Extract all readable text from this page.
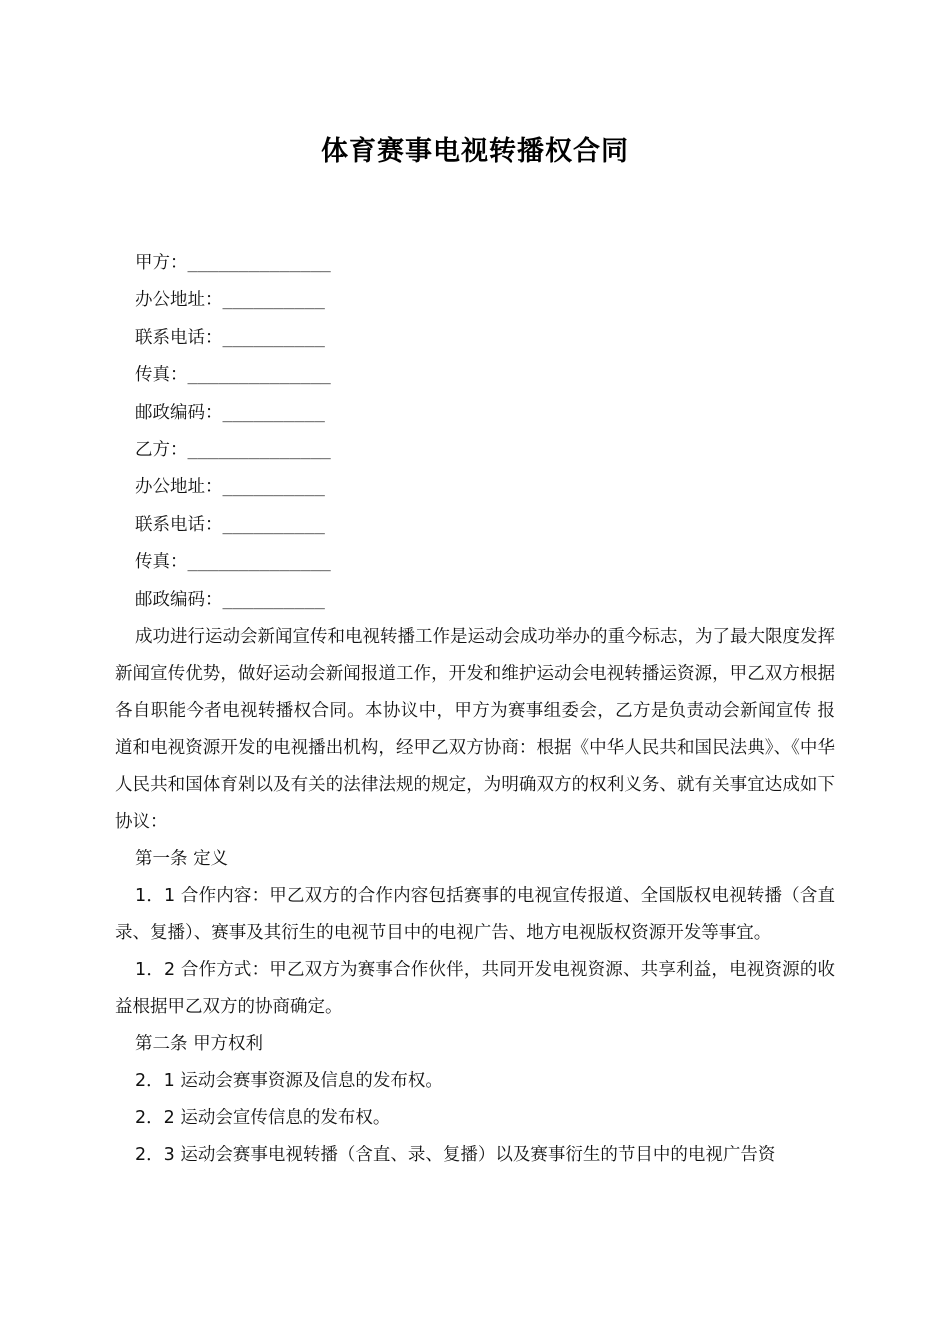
体育赛事电视转播权合同
甲方：______________
办公地址：__________
联系电话：__________
传真：______________
邮政编码：__________
乙方：______________
办公地址：__________
联系电话：__________
传真：______________
邮政编码：__________

成功进行运动会新闻宣传和电视转播工作是运动会成功举办的重今标志，为了最大限度发挥新闻宣传优势，做好运动会新闻报道工作，开发和维护运动会电视转播运资源，甲乙双方根据各自职能今者电视转播权合同。本协议中，甲方为赛事组委会，乙方是负责动会新闻宣传 报道和电视资源开发的电视播出机构，经甲乙双方协商：根据《中华人民共和国民法典》、《中华人民共和国体育剁以及有关的法律法规的规定，为明确双方的权利义务、就有关事宜达成如下协议：

第一条 定义

1．1 合作内容：甲乙双方的合作内容包括赛事的电视宣传报道、全国版权电视转播（含直 录、复播）、赛事及其衍生的电视节目中的电视广告、地方电视版权资源开发等事宜。

1．2 合作方式：甲乙双方为赛事合作伙伴，共同开发电视资源、共享利益，电视资源的收益根据甲乙双方的协商确定。

第二条 甲方权利

2．1 运动会赛事资源及信息的发布权。

2．2 运动会宣传信息的发布权。

2．3 运动会赛事电视转播（含直、录、复播）以及赛事衍生的节目中的电视广告资
